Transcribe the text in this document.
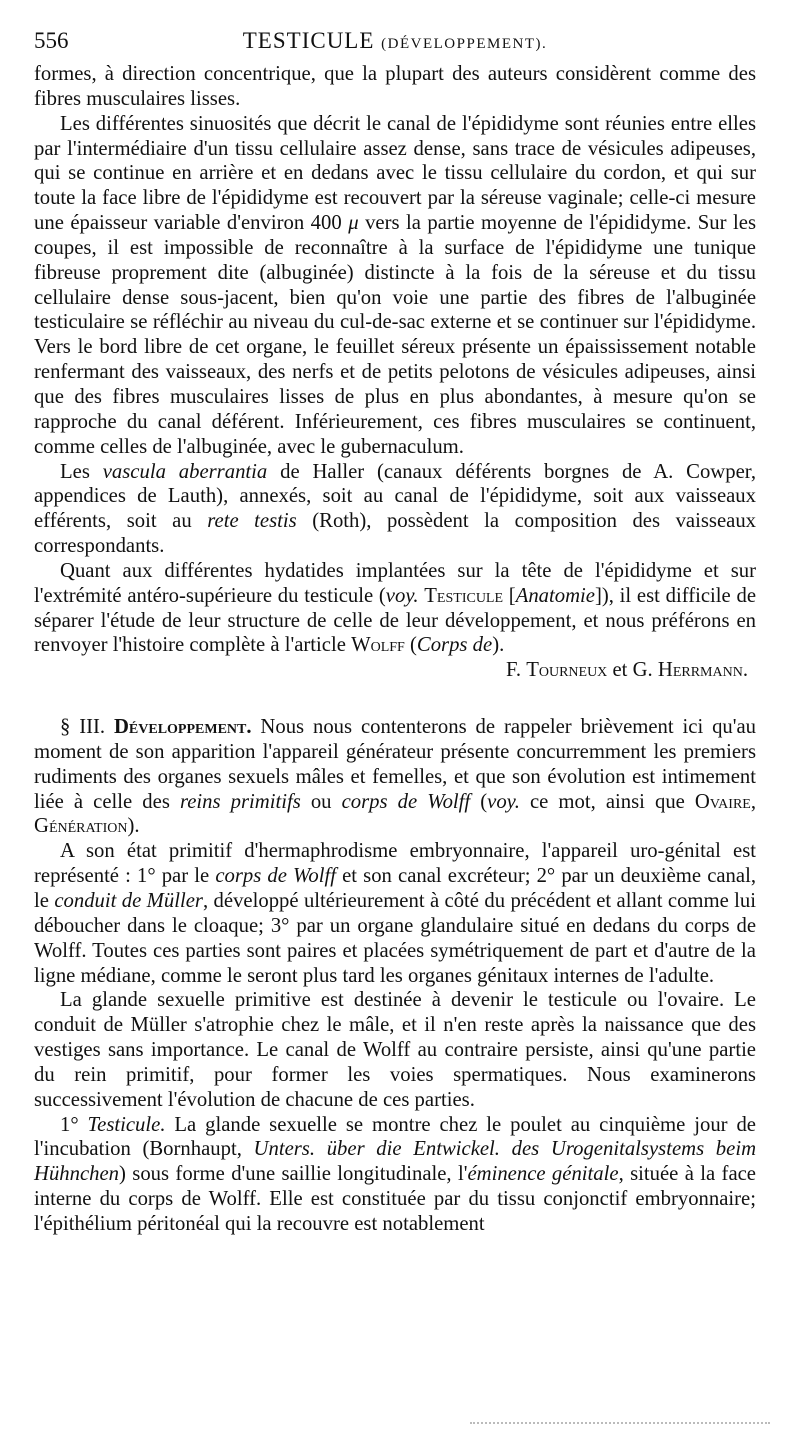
556	TESTICULE (DÉVELOPPEMENT).

formes, à direction concentrique, que la plupart des auteurs considèrent comme des fibres musculaires lisses.

Les différentes sinuosités que décrit le canal de l'épididyme sont réunies entre elles par l'intermédiaire d'un tissu cellulaire assez dense, sans trace de vésicules adipeuses, qui se continue en arrière et en dedans avec le tissu cellulaire du cordon, et qui sur toute la face libre de l'épididyme est recouvert par la séreuse vaginale; celle-ci mesure une épaisseur variable d'environ 400 μ vers la partie moyenne de l'épididyme. Sur les coupes, il est impossible de reconnaître à la surface de l'épididyme une tunique fibreuse proprement dite (albuginée) distincte à la fois de la séreuse et du tissu cellulaire dense sous-jacent, bien qu'on voie une partie des fibres de l'albuginée testiculaire se réfléchir au niveau du cul-de-sac externe et se continuer sur l'épididyme. Vers le bord libre de cet organe, le feuillet séreux présente un épaississement notable renfermant des vaisseaux, des nerfs et de petits pelotons de vésicules adipeuses, ainsi que des fibres musculaires lisses de plus en plus abondantes, à mesure qu'on se rapproche du canal déférent. Inférieurement, ces fibres musculaires se continuent, comme celles de l'albuginée, avec le gubernaculum.

Les vascula aberrantia de Haller (canaux déférents borgnes de A. Cowper, appendices de Lauth), annexés, soit au canal de l'épididyme, soit aux vaisseaux efférents, soit au rete testis (Roth), possèdent la composition des vaisseaux correspondants.

Quant aux différentes hydatides implantées sur la tête de l'épididyme et sur l'extrémité antéro-supérieure du testicule (voy. Testicule [Anatomie]), il est difficile de séparer l'étude de leur structure de celle de leur développement, et nous préférons en renvoyer l'histoire complète à l'article Wolff (Corps de).

F. Tourneux et G. Herrmann.

§ III. Développement. Nous nous contenterons de rappeler brièvement ici qu'au moment de son apparition l'appareil générateur présente concurremment les premiers rudiments des organes sexuels mâles et femelles, et que son évolution est intimement liée à celle des reins primitifs ou corps de Wolff (voy. ce mot, ainsi que Ovaire, Génération).

A son état primitif d'hermaphrodisme embryonnaire, l'appareil uro-génital est représenté : 1° par le corps de Wolff et son canal excréteur; 2° par un deuxième canal, le conduit de Müller, développé ultérieurement à côté du précédent et allant comme lui déboucher dans le cloaque; 3° par un organe glandulaire situé en dedans du corps de Wolff. Toutes ces parties sont paires et placées symétriquement de part et d'autre de la ligne médiane, comme le seront plus tard les organes génitaux internes de l'adulte.

La glande sexuelle primitive est destinée à devenir le testicule ou l'ovaire. Le conduit de Müller s'atrophie chez le mâle, et il n'en reste après la naissance que des vestiges sans importance. Le canal de Wolff au contraire persiste, ainsi qu'une partie du rein primitif, pour former les voies spermatiques. Nous examinerons successivement l'évolution de chacune de ces parties.

1° Testicule. La glande sexuelle se montre chez le poulet au cinquième jour de l'incubation (Bornhaupt, Unters. über die Entwickel. des Urogenitalsystems beim Hühnchen) sous forme d'une saillie longitudinale, l'éminence génitale, située à la face interne du corps de Wolff. Elle est constituée par du tissu conjonctif embryonnaire; l'épithélium péritonéal qui la recouvre est notablement
